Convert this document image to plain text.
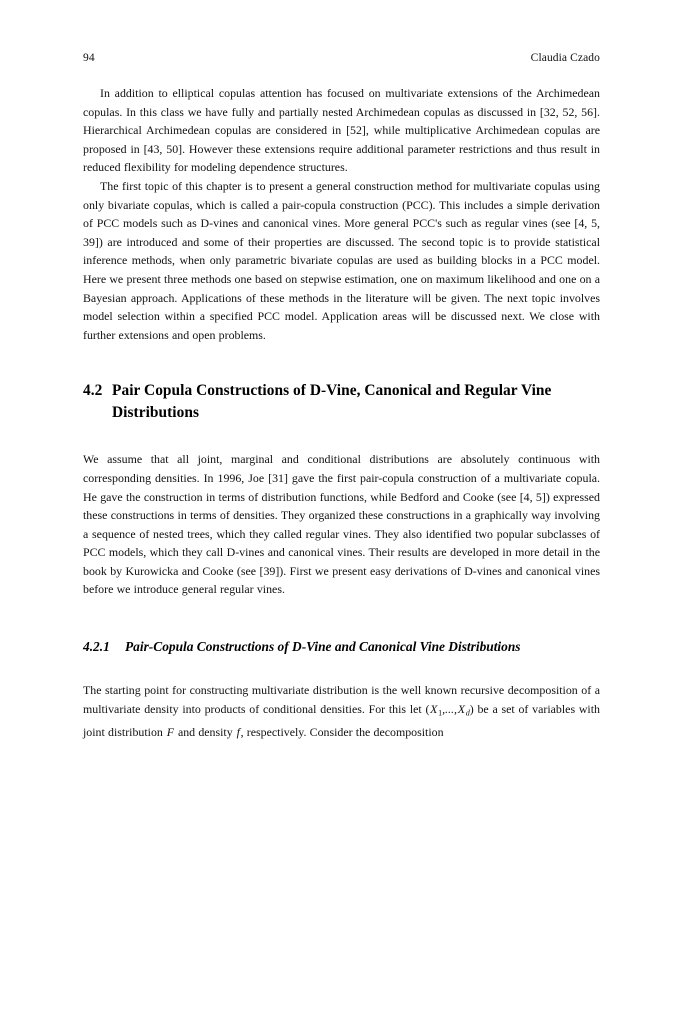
94	Claudia Czado

In addition to elliptical copulas attention has focused on multivariate extensions of the Archimedean copulas. In this class we have fully and partially nested Archimedean copulas as discussed in [32, 52, 56]. Hierarchical Archimedean copulas are considered in [52], while multiplicative Archimedean copulas are proposed in [43, 50]. However these extensions require additional parameter restrictions and thus result in reduced flexibility for modeling dependence structures.

The first topic of this chapter is to present a general construction method for multivariate copulas using only bivariate copulas, which is called a pair-copula construction (PCC). This includes a simple derivation of PCC models such as D-vines and canonical vines. More general PCC's such as regular vines (see [4, 5, 39]) are introduced and some of their properties are discussed. The second topic is to provide statistical inference methods, when only parametric bivariate copulas are used as building blocks in a PCC model. Here we present three methods one based on stepwise estimation, one on maximum likelihood and one on a Bayesian approach. Applications of these methods in the literature will be given. The next topic involves model selection within a specified PCC model. Application areas will be discussed next. We close with further extensions and open problems.

4.2 Pair Copula Constructions of D-Vine, Canonical and Regular Vine Distributions

We assume that all joint, marginal and conditional distributions are absolutely continuous with corresponding densities. In 1996, Joe [31] gave the first pair-copula construction of a multivariate copula. He gave the construction in terms of distribution functions, while Bedford and Cooke (see [4, 5]) expressed these constructions in terms of densities. They organized these constructions in a graphically way involving a sequence of nested trees, which they called regular vines. They also identified two popular subclasses of PCC models, which they call D-vines and canonical vines. Their results are developed in more detail in the book by Kurowicka and Cooke (see [39]). First we present easy derivations of D-vines and canonical vines before we introduce general regular vines.

4.2.1 Pair-Copula Constructions of D-Vine and Canonical Vine Distributions

The starting point for constructing multivariate distribution is the well known recursive decomposition of a multivariate density into products of conditional densities. For this let $(X_1,...,X_d)$ be a set of variables with joint distribution F and density f, respectively. Consider the decomposition
